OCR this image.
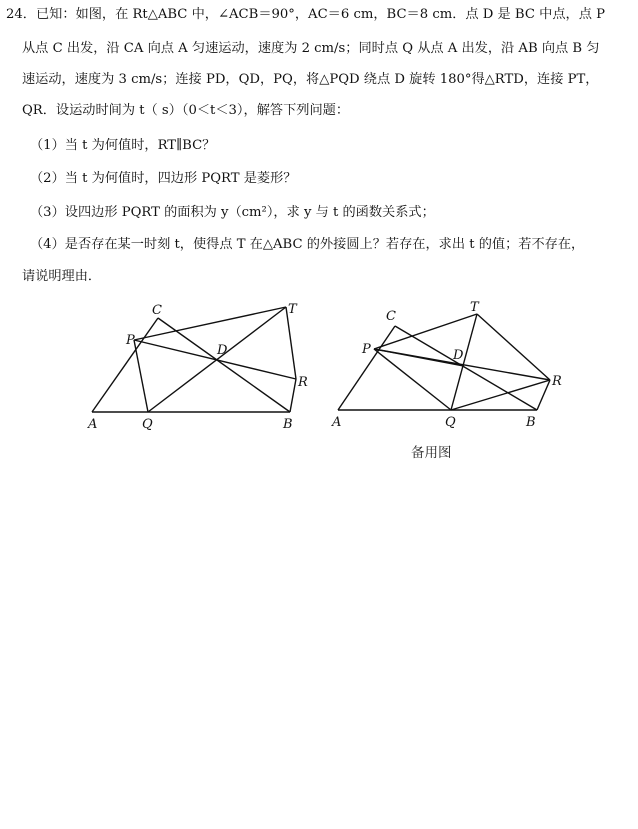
24．已知：如图，在 Rt△ABC 中，∠ACB＝90°，AC＝6 cm，BC＝8 cm．点 D 是 BC 中点，点 P
从点 C 出发，沿 CA 向点 A 匀速运动，速度为 2 cm/s；同时点 Q 从点 A 出发，沿 AB 向点 B 匀
速运动，速度为 3 cm/s；连接 PD，QD，PQ，将△PQD 绕点 D 旋转 180°得△RTD，连接 PT，
QR．设运动时间为 t（ s）（0＜t＜3），解答下列问题：
（1）当 t 为何值时，RT∥BC？
（2）当 t 为何值时，四边形 PQRT 是菱形？
（3）设四边形 PQRT 的面积为 y（cm²），求 y 与 t 的函数关系式；
（4）是否存在某一时刻 t，使得点 T 在△ABC 的外接圆上？若存在，求出 t 的值；若不存在，
请说明理由．
C
P
D
T
R
A	Q	B
C
P	D
T
R
A	Q	B
备用图
